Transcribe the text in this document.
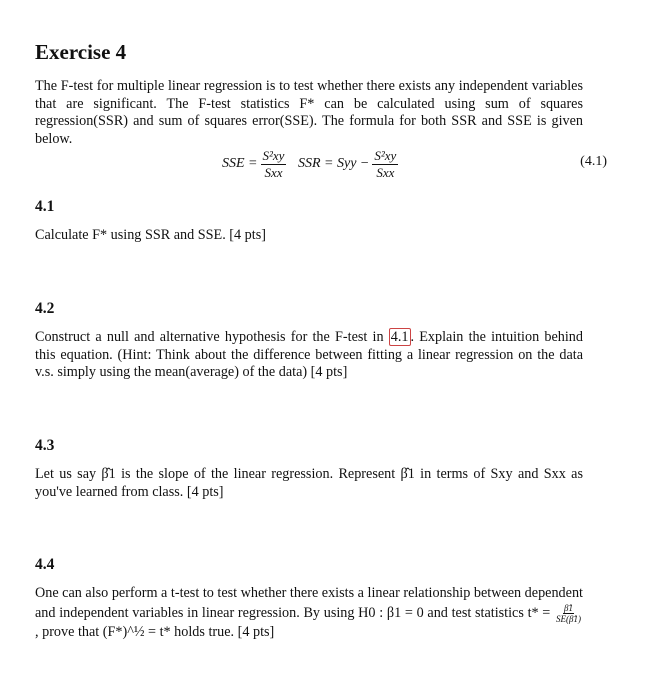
Exercise 4

The F-test for multiple linear regression is to test whether there exists any independent variables that are significant. The F-test statistics F* can be calculated using sum of squares regression(SSR) and sum of squares error(SSE). The formula for both SSR and SSE is given below.

SSE = $\frac{\text{S²xy}}{\text{Sxx}}$ SSR = Syy − $\frac{\text{S²xy}}{\text{Sxx}}$	(4.1)
4.1

Calculate F* using SSR and SSE. [4 pts]

4.2

Construct a null and alternative hypothesis for the F-test in 4.1 . Explain the intuition behind this equation. (Hint: Think about the difference between fitting a linear regression on the data v.s. simply using the mean(average) of the data) [4 pts]

4.3

Let us say β̂1 is the slope of the linear regression. Represent β̂1 in terms of Sxy and Sxx as you've learned from class. [4 pts]

4.4

One can also perform a t-test to test whether there exists a linear relationship between dependent and independent variables in linear regression. By using H0 : β1 = 0 and test statistics $t* = \frac{\betâ1}{SE(\betâ1)}$
, prove that (F*)^½ = t* holds true. [4 pts]
